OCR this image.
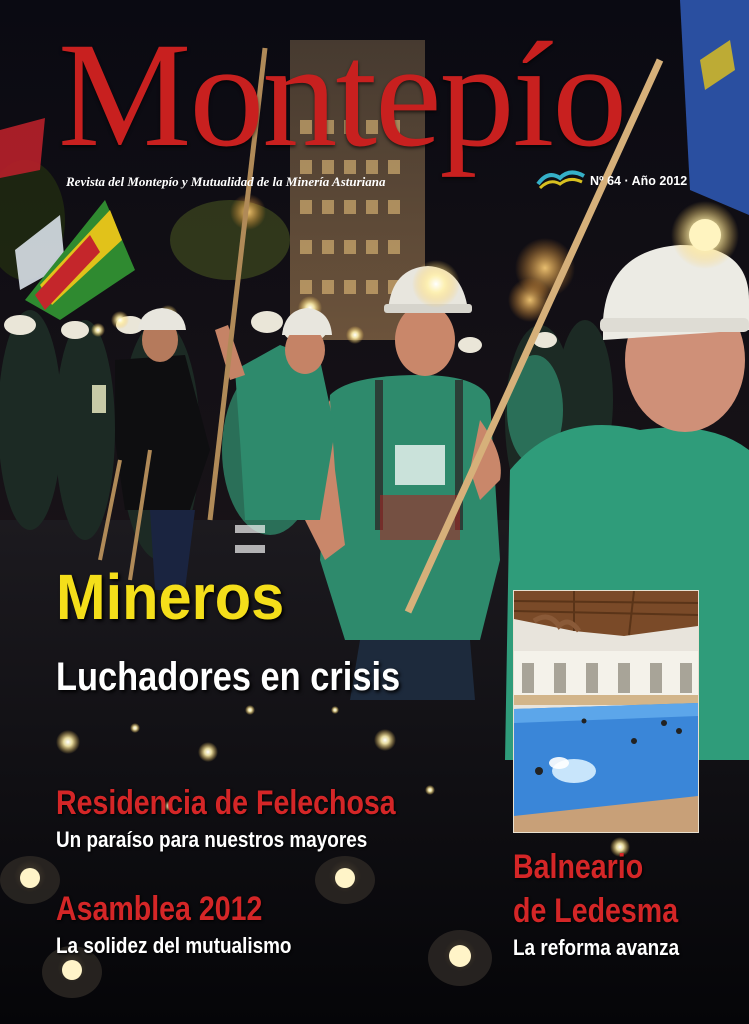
Montepío
Revista del Montepío y Mutualidad de la Minería Asturiana	Nº 64 · Año 2012
Mineros
Luchadores en crisis
Residencia de Felechosa
Un paraíso para nuestros mayores
Asamblea 2012
La solidez del mutualismo
Balneario
de Ledesma
La reforma avanza
